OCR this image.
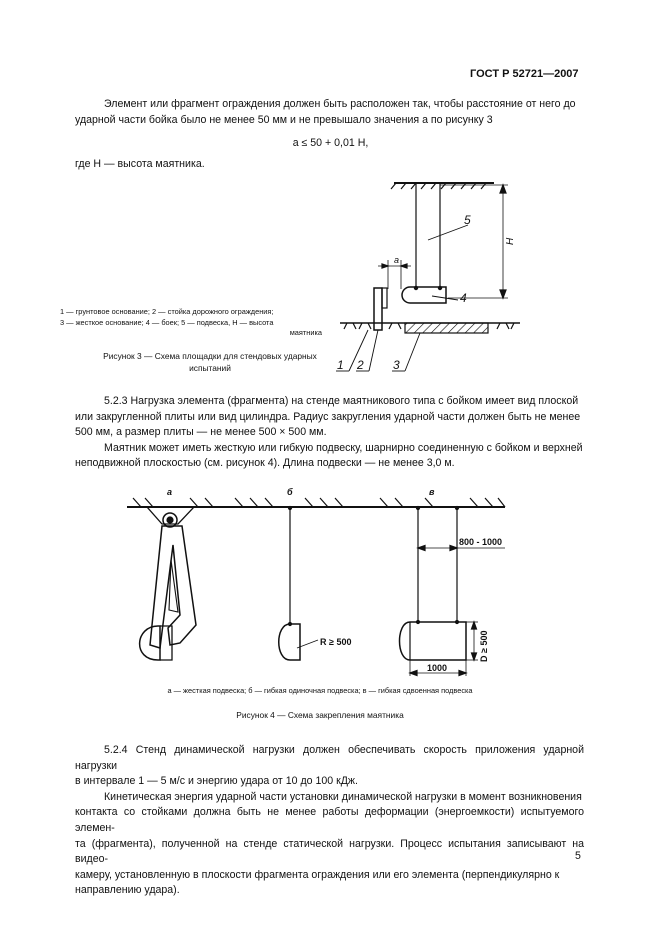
ГОСТ Р 52721—2007
Элемент или фрагмент ограждения должен быть расположен так, чтобы расстояние от него до
ударной части бойка было не менее 50 мм и не превышало значения a по рисунку 3
a ≤ 50 + 0,01 H,
где H — высота маятника.
1 — грунтовое основание; 2 — стойка дорожного ограждения;
3 — жесткое основание; 4 — боек; 5 — подвеска, H — высота
маятника
Рисунок 3 — Схема площадки для стендовых ударных
испытаний
5.2.3 Нагрузка элемента (фрагмента) на стенде маятникового типа с бойком имеет вид плоской
или закругленной плиты или вид цилиндра. Радиус закругления ударной части должен быть не менее
500 мм, а размер плиты — не менее 500 × 500 мм.
Маятник может иметь жесткую или гибкую подвеску, шарнирно соединенную с бойком и верхней
неподвижной плоскостью (см. рисунок 4). Длина подвески — не менее 3,0 м.
1 2 3
4
5
H
a
а	б	в
R ≥ 500
800 - 1000
D ≥ 500
1000
а — жесткая подвеска; б — гибкая одиночная подвеска; в — гибкая сдвоенная подвеска
Рисунок 4 — Схема закрепления маятника
5.2.4 Стенд динамической нагрузки должен обеспечивать скорость приложения ударной нагрузки
в интервале 1 — 5 м/с и энергию удара от 10 до 100 кДж.
Кинетическая энергия ударной части установки динамической нагрузки в момент возникновения
контакта со стойками должна быть не менее работы деформации (энергоемкости) испытуемого элемен-
та (фрагмента), полученной на стенде статической нагрузки. Процесс испытания записывают на видео-
камеру, установленную в плоскости фрагмента ограждения или его элемента (перпендикулярно к
направлению удара).
5
